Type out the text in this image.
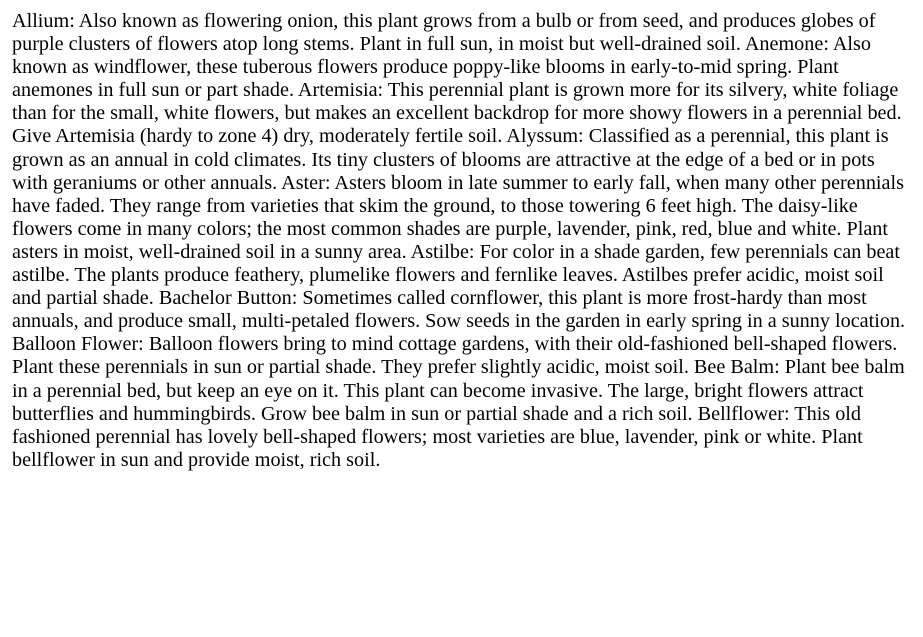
Allium: Also known as flowering onion, this plant grows from a bulb or from seed, and produces globes of purple clusters of flowers atop long stems. Plant in full sun, in moist but well-drained soil. Anemone: Also known as windflower, these tuberous flowers produce poppy-like blooms in early-to-mid spring. Plant anemones in full sun or part shade. Artemisia: This perennial plant is grown more for its silvery, white foliage than for the small, white flowers, but makes an excellent backdrop for more showy flowers in a perennial bed. Give Artemisia (hardy to zone 4) dry, moderately fertile soil. Alyssum: Classified as a perennial, this plant is grown as an annual in cold climates. Its tiny clusters of blooms are attractive at the edge of a bed or in pots with geraniums or other annuals. Aster: Asters bloom in late summer to early fall, when many other perennials have faded. They range from varieties that skim the ground, to those towering 6 feet high. The daisy-like flowers come in many colors; the most common shades are purple, lavender, pink, red, blue and white. Plant asters in moist, well-drained soil in a sunny area. Astilbe: For color in a shade garden, few perennials can beat astilbe. The plants produce feathery, plumelike flowers and fernlike leaves. Astilbes prefer acidic, moist soil and partial shade. Bachelor Button: Sometimes called cornflower, this plant is more frost-hardy than most annuals, and produce small, multi-petaled flowers. Sow seeds in the garden in early spring in a sunny location. Balloon Flower: Balloon flowers bring to mind cottage gardens, with their old-fashioned bell-shaped flowers. Plant these perennials in sun or partial shade. They prefer slightly acidic, moist soil. Bee Balm: Plant bee balm in a perennial bed, but keep an eye on it. This plant can become invasive. The large, bright flowers attract butterflies and hummingbirds. Grow bee balm in sun or partial shade and a rich soil. Bellflower: This old fashioned perennial has lovely bell-shaped flowers; most varieties are blue, lavender, pink or white. Plant bellflower in sun and provide moist, rich soil.
